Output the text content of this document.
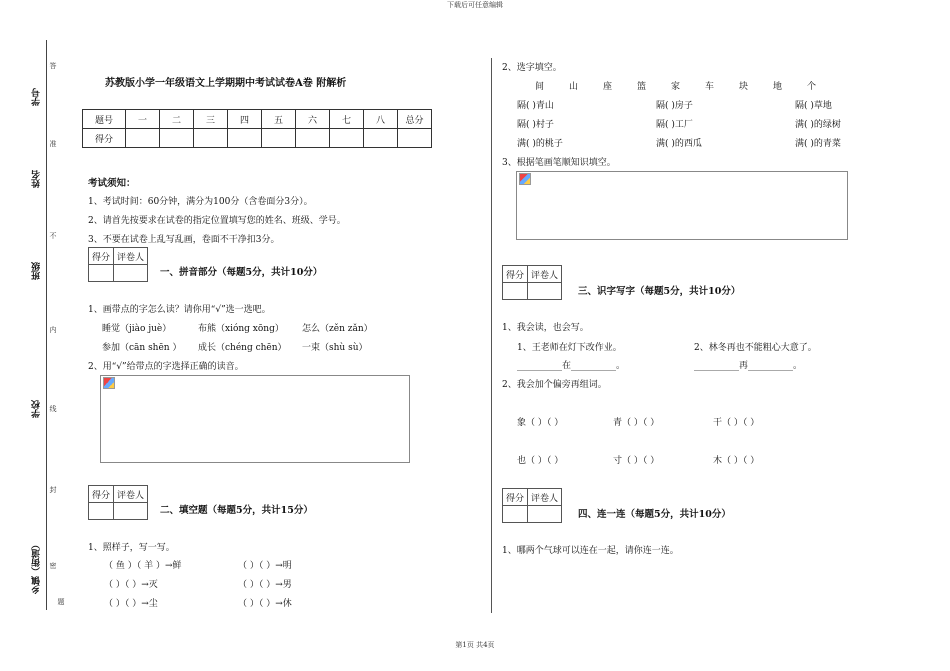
下载后可任意编辑
学号
姓名
班级
学校
乡镇（街道）
答
准
不
内
线
封
密
题
苏教版小学一年级语文上学期期中考试试卷A卷 附解析
题号	一	二	三	四	五	六	七	八	总分
得分									
考试须知：
1、考试时间：60分钟，满分为100分（含卷面分3分）。
2、请首先按要求在试卷的指定位置填写您的姓名、班级、学号。
3、不要在试卷上乱写乱画，卷面不干净扣3分。
得分	评卷人

一、拼音部分（每题5分，共计10分）
1、画带点的字怎么读？请你用“√”选一选吧。
睡觉（jiào juè）	布熊（xióng xōng） 怎么（zěn zǎn）
参加（cān shēn ） 成长（chéng chēn） 一束（shù sù）
2、用“√”给带点的字选择正确的读音。
得分	评卷人

二、填空题（每题5分，共计15分）
1、照样子，写一写。
（ 鱼 ）（ 羊 ）→鲜	（ ）（ ）→明
（ ）（ ）→灭	（ ）（ ）→男
（ ）（ ）→尘	（ ）（ ）→休
2、选字填空。
间	山	座	篮	家	车	块	地	个
隔( )青山	隔( )房子	隔( )草地
隔( )村子	隔( )工厂	满( )的绿树
满( )的桃子	满( )的西瓜	满( )的青菜
3、根据笔画笔顺知识填空。
得分	评卷人

三、识字写字（每题5分，共计10分）
1、我会读，也会写。
1、王老师在灯下改作业。	2、林冬再也不能粗心大意了。
__________在__________。	__________再__________。
2、我会加个偏旁再组词。
象（ ）（ ）	青（ ）（ ）	干（ ）（ ）
也（ ）（ ）	寸（ ）（ ）	木（ ）（ ）
得分	评卷人

四、连一连（每题5分，共计10分）
1、哪两个气球可以连在一起，请你连一连。
第1页 共4页
